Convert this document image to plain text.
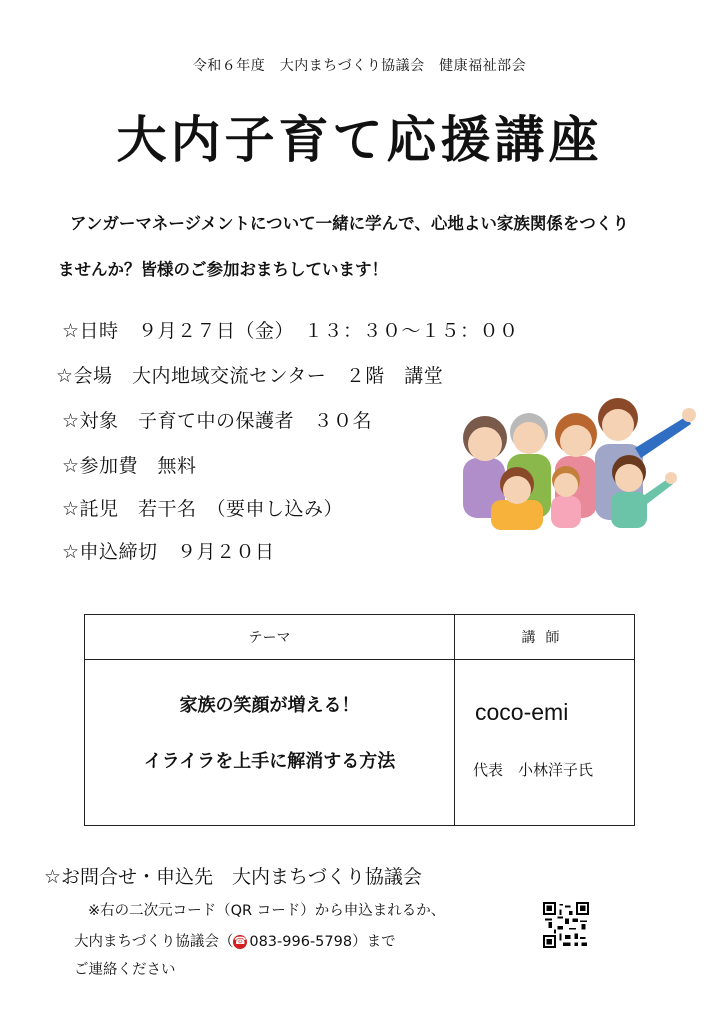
令和６年度　大内まちづくり協議会　健康福祉部会
大内子育て応援講座
アンガーマネージメントについて一緒に学んで、心地よい家族関係をつくり
ませんか？皆様のご参加おまちしています！
☆日時　９月２７日（金）　１３：３０～１５：００
☆会場　大内地域交流センター　２階　講堂
☆対象　子育て中の保護者　３０名
☆参加費　無料
☆託児　若干名　（要申し込み）
☆申込締切　９月２０日
テーマ	講師
家族の笑顔が増える！
イライラを上手に解消する方法
coco-emi
代表　小林洋子氏
☆お問合せ・申込先　大内まちづくり協議会
※右の二次元コード（QR コード）から申込まれるか、
大内まちづくり協議会（☎ 083-996-5798）まで
ご連絡ください
